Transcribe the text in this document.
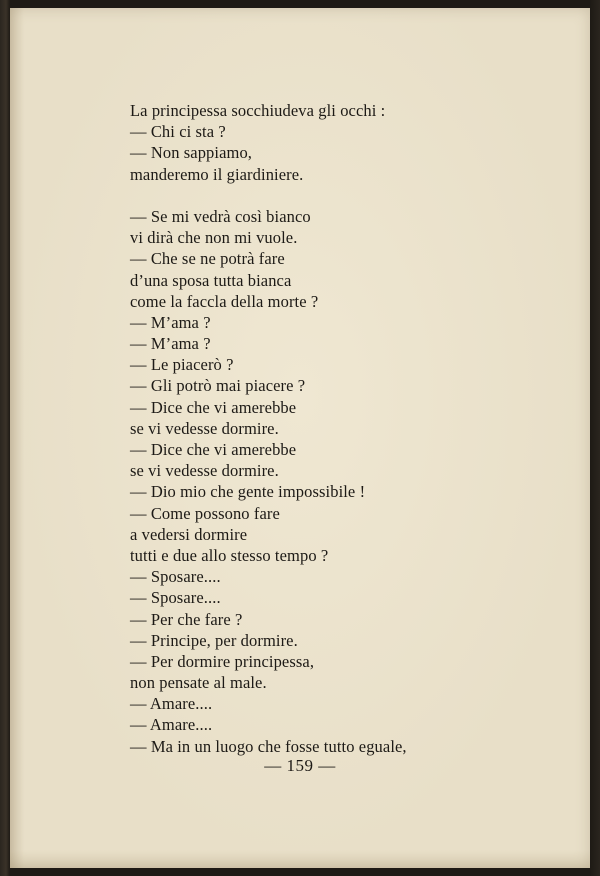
La principessa socchiudeva gli occhi :
— Chi ci sta ?
— Non sappiamo,
manderemo il giardiniere.
— Se mi vedrà così bianco
vi dirà che non mi vuole.
— Che se ne potrà fare
d’una sposa tutta bianca
come la faccla della morte ?
— M’ama ?
— M’ama ?
— Le piacerò ?
— Gli potrò mai piacere ?
— Dice che vi amerebbe
se vi vedesse dormire.
— Dice che vi amerebbe
se vi vedesse dormire.
— Dio mio che gente impossibile !
— Come possono fare
a vedersi dormire
tutti e due allo stesso tempo ?
— Sposare....
— Sposare....
— Per che fare ?
— Principe, per dormire.
— Per dormire principessa,
non pensate al male.
— Amare....
— Amare....
— Ma in un luogo che fosse tutto eguale,
— 159 —
